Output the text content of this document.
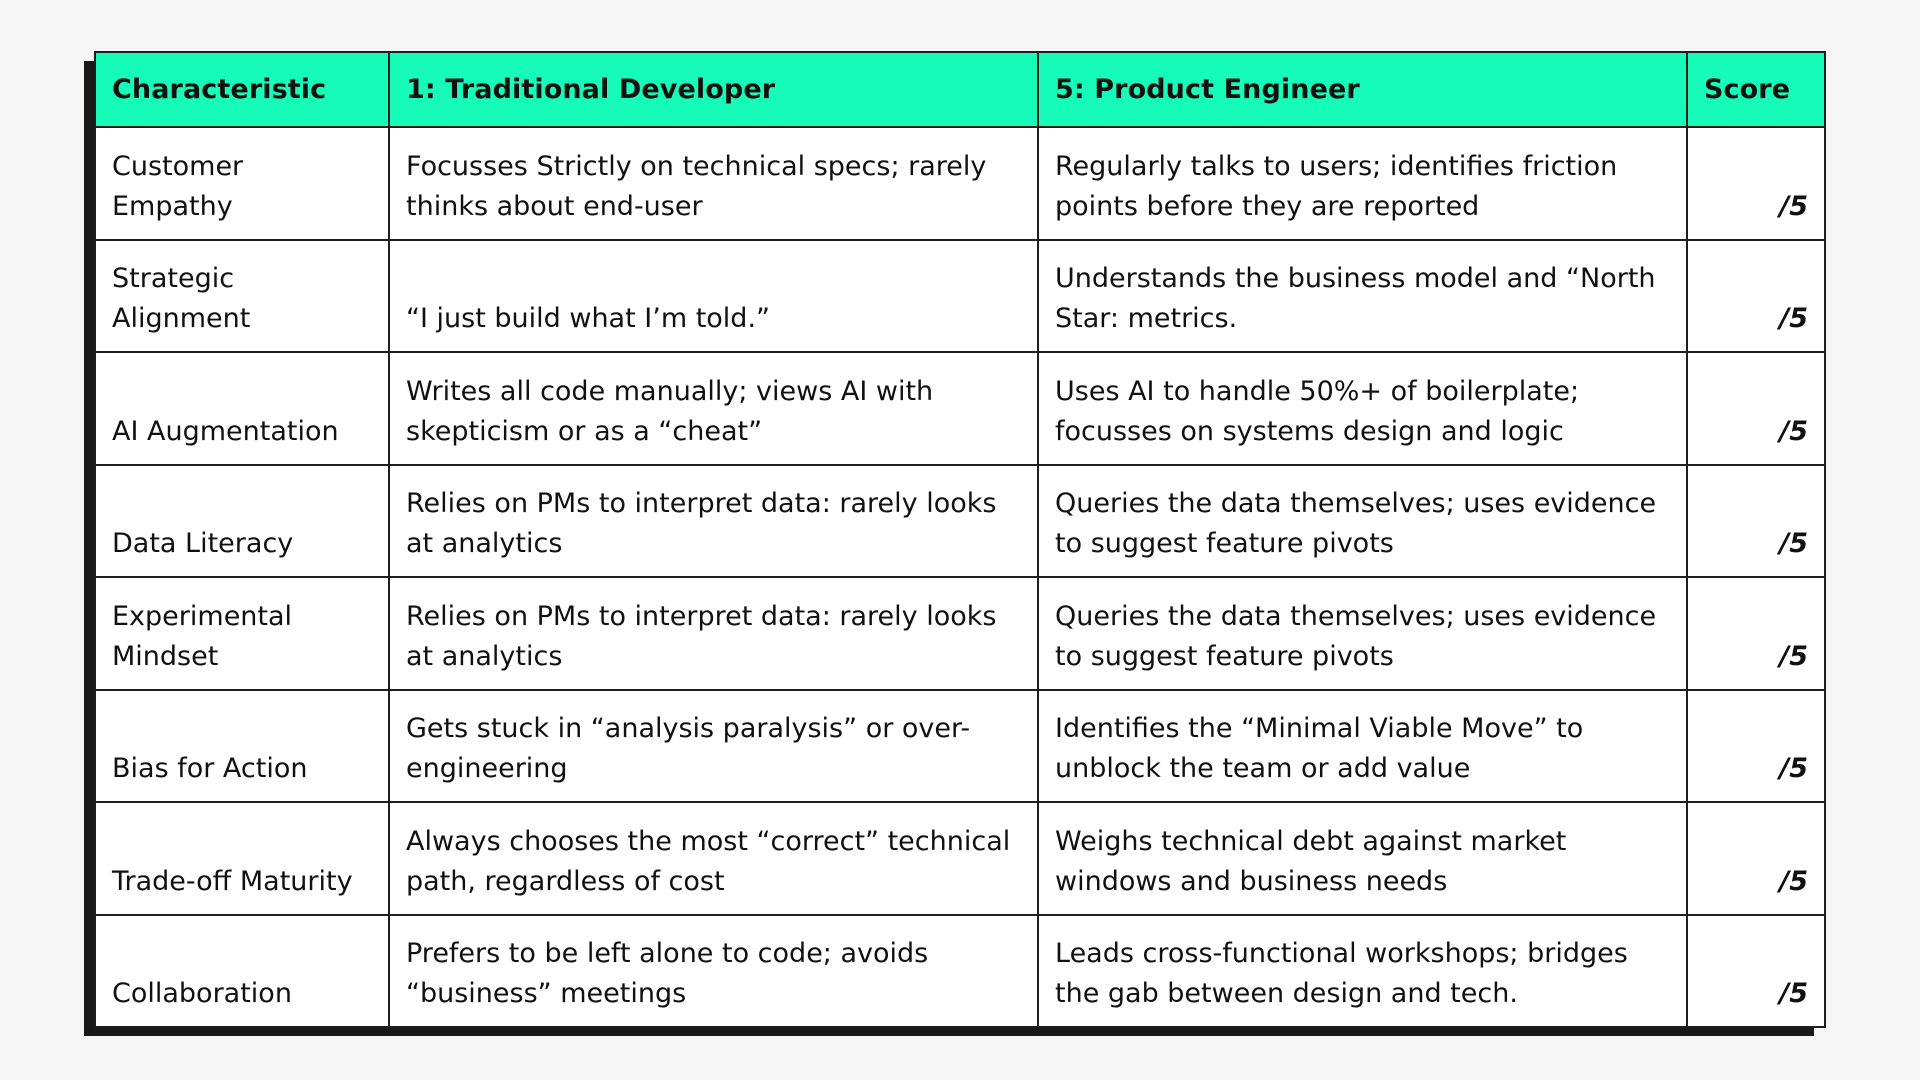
Characteristic	1: Traditional Developer	5: Product Engineer	Score
Customer Empathy	Focusses Strictly on technical specs; rarely thinks about end-user	Regularly talks to users; identifies friction points before they are reported	/5
Strategic Alignment	“I just build what I’m told.”	Understands the business model and “North Star: metrics.	/5
AI Augmentation	Writes all code manually; views AI with skepticism or as a “cheat”	Uses AI to handle 50%+ of boilerplate; focusses on systems design and logic	/5
Data Literacy	Relies on PMs to interpret data: rarely looks at analytics	Queries the data themselves; uses evidence to suggest feature pivots	/5
Experimental Mindset	Relies on PMs to interpret data: rarely looks at analytics	Queries the data themselves; uses evidence to suggest feature pivots	/5
Bias for Action	Gets stuck in “analysis paralysis” or over-engineering	Identifies the “Minimal Viable Move” to unblock the team or add value	/5
Trade-off Maturity	Always chooses the most “correct” technical path, regardless of cost	Weighs technical debt against market windows and business needs	/5
Collaboration	Prefers to be left alone to code; avoids “business” meetings	Leads cross-functional workshops; bridges the gab between design and tech.	/5
